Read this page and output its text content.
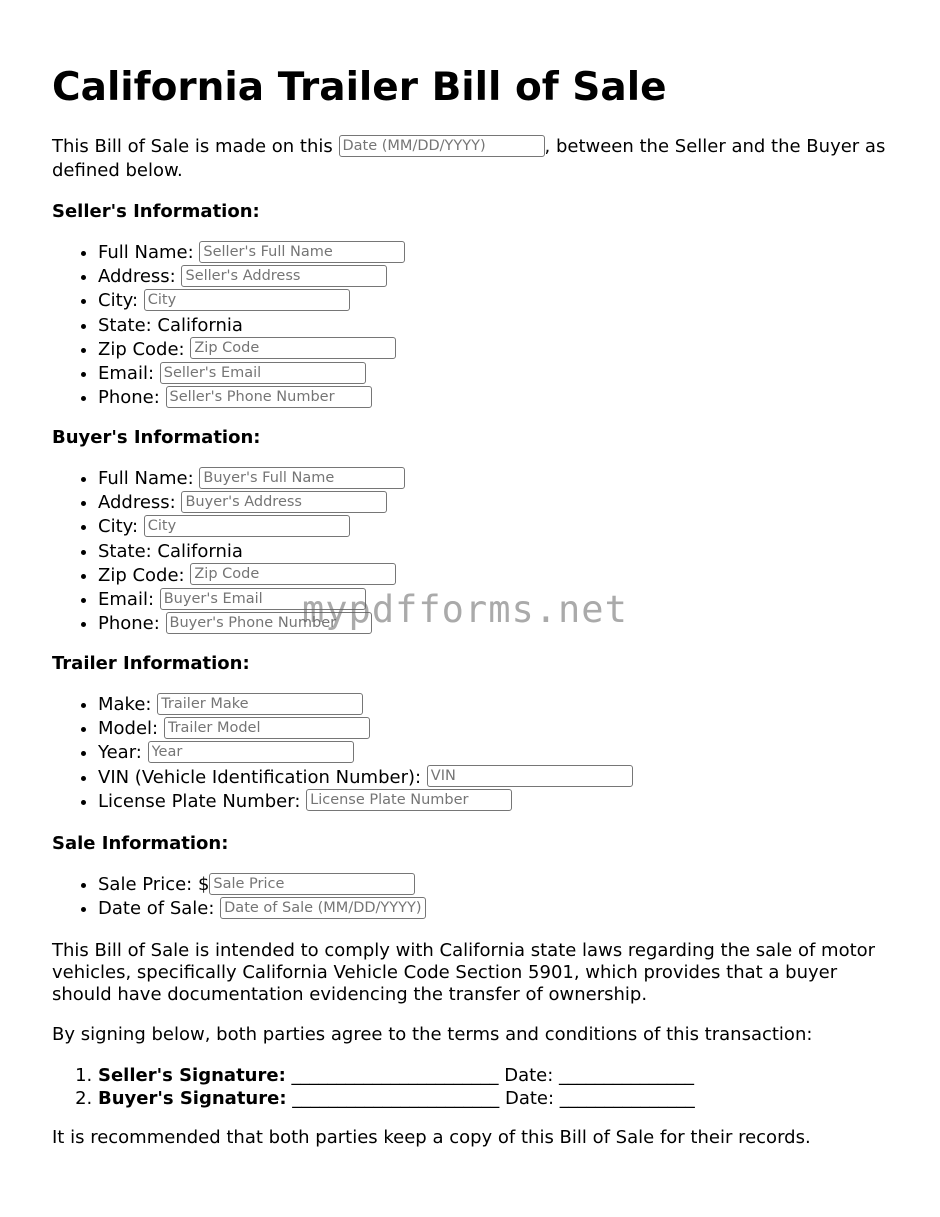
California Trailer Bill of Sale

This Bill of Sale is made on this Date (MM/DD/YYYY)	, between the Seller and the Buyer as defined below.

Seller's Information:
• Full Name: Seller's Full Name
• Address: Seller's Address
• City: City
• State: California
• Zip Code: Zip Code
• Email: Seller's Email
• Phone: Seller's Phone Number
Buyer's Information:
• Full Name: Buyer's Full Name
• Address: Buyer's Address
• City: City
• State: California
• Zip Code: Zip Code
• Email: Buyer's Email
• Phone: Buyer's Phone Number
Trailer Information:
• Make: Trailer Make
• Model: Trailer Model
• Year: Year
• VIN (Vehicle Identification Number): VIN
• License Plate Number: License Plate Number
Sale Information:
• Sale Price: $Sale Price
• Date of Sale: Date of Sale (MM/DD/YYYY)

This Bill of Sale is intended to comply with California state laws regarding the sale of motor vehicles, specifically California Vehicle Code Section 5901, which provides that a buyer should have documentation evidencing the transfer of ownership.

By signing below, both parties agree to the terms and conditions of this transaction:

1. Seller's Signature: _______________________ Date: _______________
2. Buyer's Signature: _______________________ Date: _______________

It is recommended that both parties keep a copy of this Bill of Sale for their records.

mypdfforms.net
